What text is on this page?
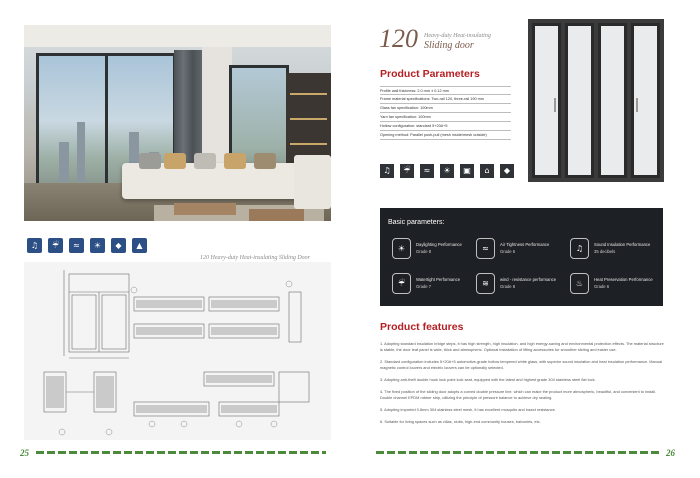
♫	☔	≈	☀	◆	▲
120 Heavy-duty Heat-insulating Sliding Door
25
120 Heavy-duty Heat-insulating
Sliding door
Product Parameters
Profile wall thickness: 2.0 mm ± 0.12 mm
Frame material specifications: Two-rail 120, three-rail 190 mm
Glass fan specification: 100mm
Yarn fan specification: 100mm
Hollow configuration: standard 5+20A+5
Opening method: Parallel push-pull (mesh inside/mesh outside)
♫	☔	≈	☀	▣	⌂	◆
Basic parameters:
☀	Daylighting Performance
Grade 8	≈	Air Tightness Performance
Grade 6	♫	Sound Insulation Performance
35 decibels
☔	Watertight Performance
Grade 7	≋	wind - resistance performance
Grade 8	♨	Heat Preservation Performance
Grade 6
Product features

1. Adopting standard insulation bridge strips, it has high strength, high insulation, and high energy-saving and environmental protection effects. The material structure is stable, the door leaf panel is wide, thick and atmospheric. Optional installation of lifting accessories for smoother sliding and easier use.

2. Standard configuration includes 5+20A+5 automotive-grade hollow tempered white glass, with superior sound insulation and heat insulation performance. Manual magnetic control louvers and electric louvers can be optionally selected.

3. Adopting anti-theft double hook lock point lock seat, equipped with the latest and highest grade 304 stainless steel flat lock.

4. The fixed position of the sliding door adopts a curved double pressure line, which can make the product more atmospheric, beautiful, and convenient to install. Double channel EPDM rubber strip, utilizing the principle of pressure balance to achieve dry sealing.

5. Adopting imported 0.8mm 304 stainless steel mesh, it has excellent mosquito and insect resistance.

6. Suitable for living spaces such as villas, clubs, high-end community houses, balconies, etc.

26
